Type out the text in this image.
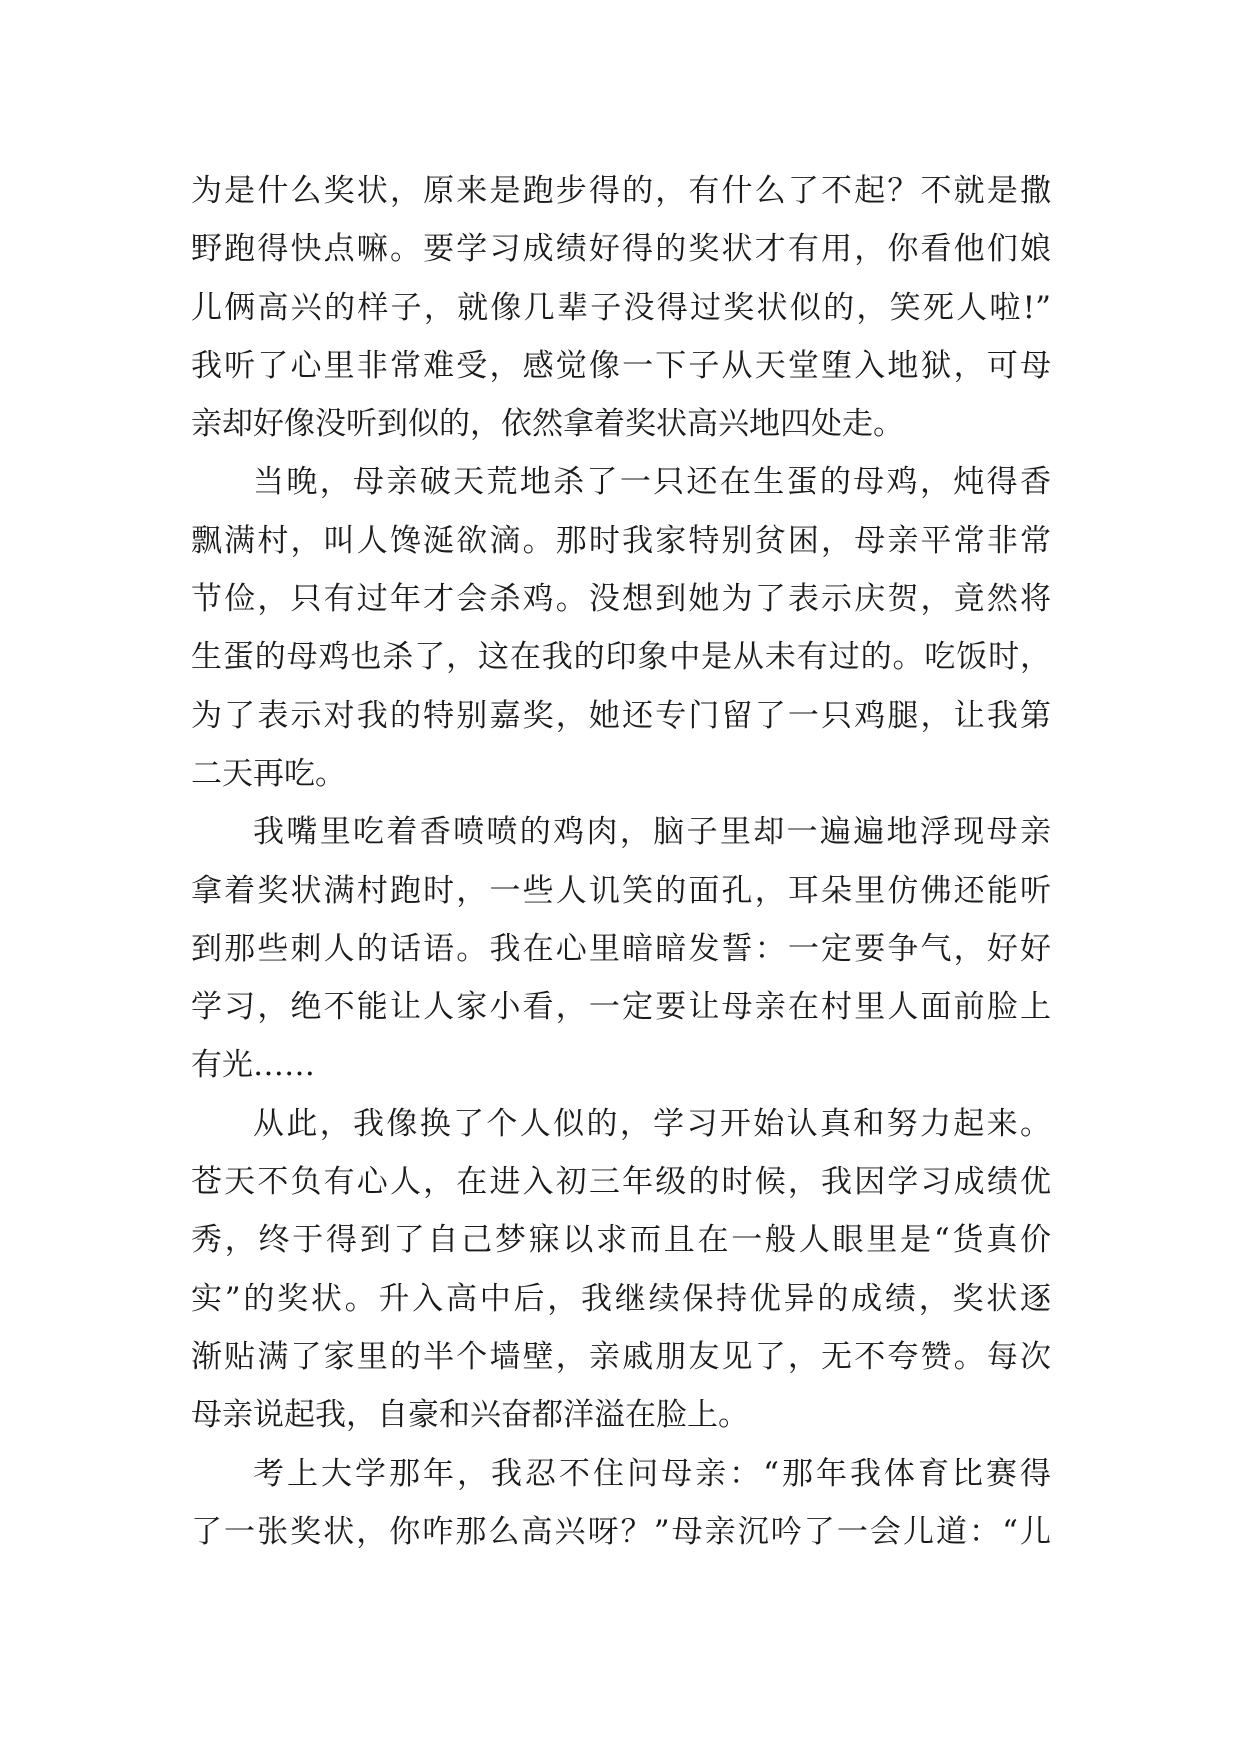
为是什么奖状，原来是跑步得的，有什么了不起？不就是撒
野跑得快点嘛。要学习成绩好得的奖状才有用，你看他们娘
儿俩高兴的样子，就像几辈子没得过奖状似的，笑死人啦!”
我听了心里非常难受，感觉像一下子从天堂堕入地狱，可母
亲却好像没听到似的，依然拿着奖状高兴地四处走。
当晚，母亲破天荒地杀了一只还在生蛋的母鸡，炖得香
飘满村，叫人馋涎欲滴。那时我家特别贫困，母亲平常非常
节俭，只有过年才会杀鸡。没想到她为了表示庆贺，竟然将
生蛋的母鸡也杀了，这在我的印象中是从未有过的。吃饭时，
为了表示对我的特别嘉奖，她还专门留了一只鸡腿，让我第
二天再吃。
我嘴里吃着香喷喷的鸡肉，脑子里却一遍遍地浮现母亲
拿着奖状满村跑时，一些人讥笑的面孔，耳朵里仿佛还能听
到那些刺人的话语。我在心里暗暗发誓：一定要争气，好好
学习，绝不能让人家小看，一定要让母亲在村里人面前脸上
有光……
从此，我像换了个人似的，学习开始认真和努力起来。
苍天不负有心人，在进入初三年级的时候，我因学习成绩优
秀，终于得到了自己梦寐以求而且在一般人眼里是“货真价
实”的奖状。升入高中后，我继续保持优异的成绩，奖状逐
渐贴满了家里的半个墙壁，亲戚朋友见了，无不夸赞。每次
母亲说起我，自豪和兴奋都洋溢在脸上。
考上大学那年，我忍不住问母亲：“那年我体育比赛得
了一张奖状，你咋那么高兴呀？”母亲沉吟了一会儿道：“儿
